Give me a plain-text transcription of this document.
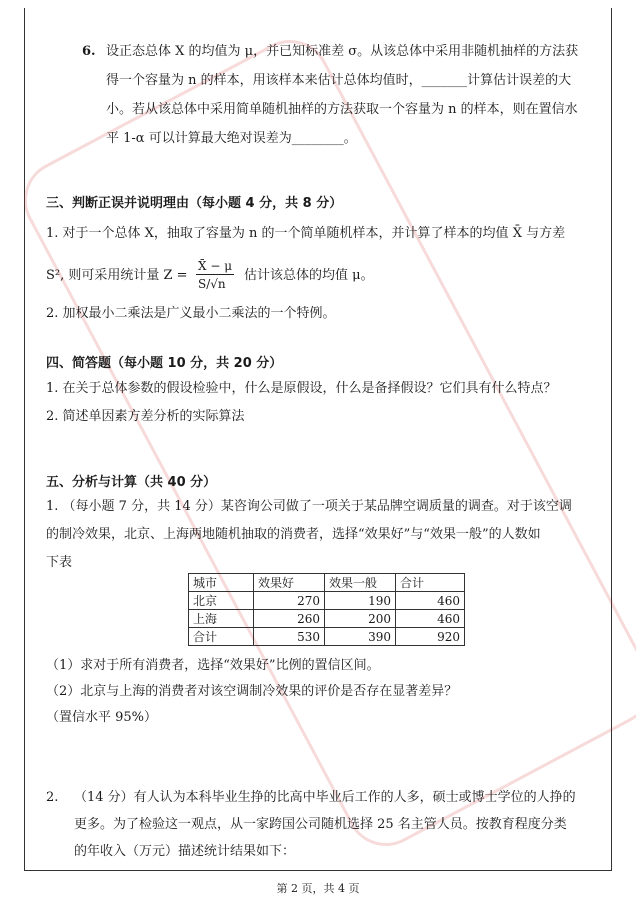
6. 设正态总体 X 的均值为 μ，并已知标准差 σ。从该总体中采用非随机抽样的方法获
得一个容量为 n 的样本，用该样本来估计总体均值时，_______计算估计误差的大
小。若从该总体中采用简单随机抽样的方法获取一个容量为 n 的样本，则在置信水
平 1-α 可以计算最大绝对误差为________。
三、判断正误并说明理由（每小题 4 分，共 8 分）
1. 对于一个总体 X，抽取了容量为 n 的一个简单随机样本，并计算了样本的均值 X̄ 与方差
S², 则可采用统计量 Z =
X̄ − μ
S/√n
估计该总体的均值 μ。
2. 加权最小二乘法是广义最小二乘法的一个特例。
四、简答题（每小题 10 分，共 20 分）
1. 在关于总体参数的假设检验中，什么是原假设，什么是备择假设？它们具有什么特点？
2. 简述单因素方差分析的实际算法
五、分析与计算（共 40 分）
1. （每小题 7 分，共 14 分）某咨询公司做了一项关于某品牌空调质量的调查。对于该空调
的制冷效果，北京、上海两地随机抽取的消费者，选择“效果好”与“效果一般”的人数如
下表
城市	效果好	效果一般	合计
北京	270	190	460
上海	260	200	460
合计	530	390	920
（1）求对于所有消费者，选择“效果好”比例的置信区间。
（2）北京与上海的消费者对该空调制冷效果的评价是否存在显著差异？
（置信水平 95%）
2. （14 分）有人认为本科毕业生挣的比高中毕业后工作的人多，硕士或博士学位的人挣的
更多。为了检验这一观点，从一家跨国公司随机选择 25 名主管人员。按教育程度分类
的年收入（万元）描述统计结果如下：
第 2 页，共 4 页
